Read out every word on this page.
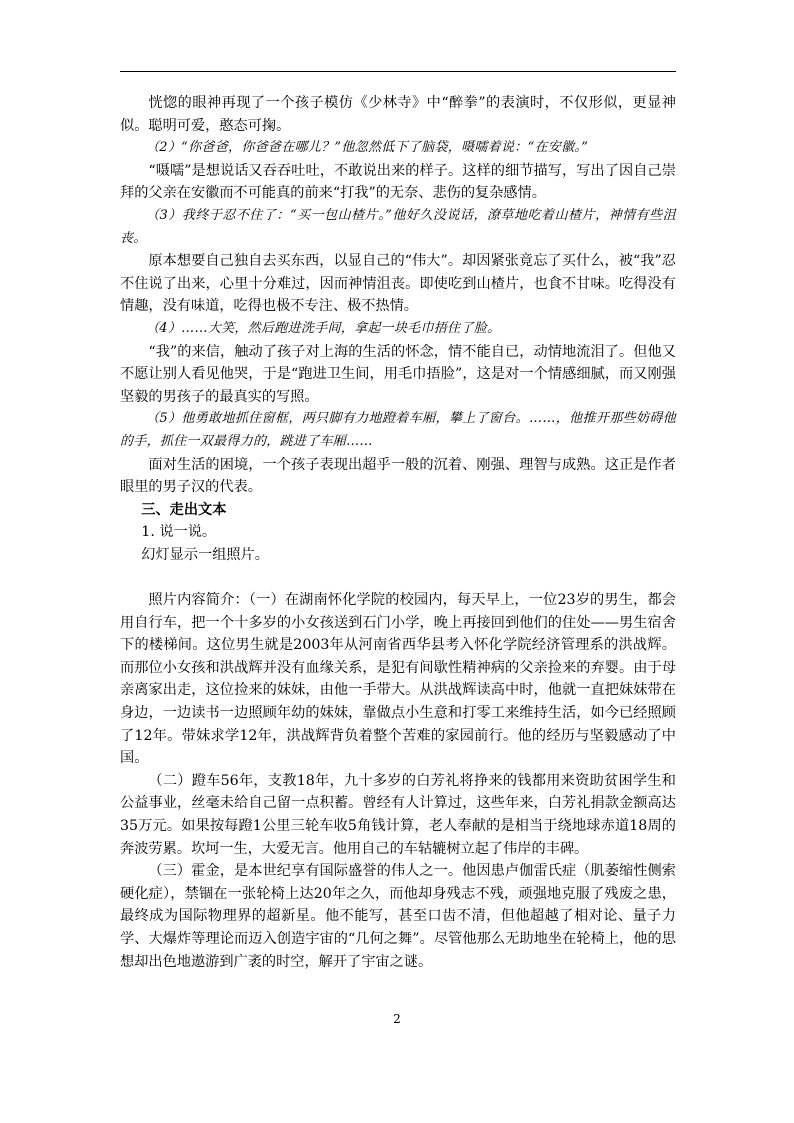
恍惚的眼神再现了一个孩子模仿《少林寺》中“醉拳”的表演时，不仅形似，更显神似。聪明可爱，憨态可掬。

（2）“你爸爸，你爸爸在哪儿？”他忽然低下了脑袋，嗫嚅着说：“在安徽。”

“嗫嚅”是想说话又吞吞吐吐，不敢说出来的样子。这样的细节描写，写出了因自己崇拜的父亲在安徽而不可能真的前来“打我”的无奈、悲伤的复杂感情。

（3）我终于忍不住了：“买一包山楂片。”他好久没说话，潦草地吃着山楂片，神情有些沮丧。

原本想要自己独自去买东西，以显自己的“伟大”。却因紧张竟忘了买什么，被“我”忍不住说了出来，心里十分难过，因而神情沮丧。即使吃到山楂片，也食不甘味。吃得没有情趣，没有味道，吃得也极不专注、极不热情。

（4）……大笑，然后跑进洗手间，拿起一块毛巾捂住了脸。

“我”的来信，触动了孩子对上海的生活的怀念，情不能自已，动情地流泪了。但他又不愿让别人看见他哭，于是“跑进卫生间，用毛巾捂脸”，这是对一个情感细腻，而又刚强坚毅的男孩子的最真实的写照。

（5）他勇敢地抓住窗框，两只脚有力地蹬着车厢，攀上了窗台。……，他推开那些妨碍他的手，抓住一双最得力的，跳进了车厢……

面对生活的困境，一个孩子表现出超乎一般的沉着、刚强、理智与成熟。这正是作者眼里的男子汉的代表。

三、走出文本

1. 说一说。

幻灯显示一组照片。

照片内容简介：（一）在湖南怀化学院的校园内，每天早上，一位23岁的男生，都会用自行车，把一个十多岁的小女孩送到石门小学，晚上再接回到他们的住处——男生宿舍下的楼梯间。这位男生就是2003年从河南省西华县考入怀化学院经济管理系的洪战辉。而那位小女孩和洪战辉并没有血缘关系，是犯有间歇性精神病的父亲捡来的弃婴。由于母亲离家出走，这位捡来的妹妹，由他一手带大。从洪战辉读高中时，他就一直把妹妹带在身边，一边读书一边照顾年幼的妹妹，靠做点小生意和打零工来维持生活，如今已经照顾了12年。带妹求学12年，洪战辉背负着整个苦难的家园前行。他的经历与坚毅感动了中国。

（二）蹬车56年，支教18年，九十多岁的白芳礼将挣来的钱都用来资助贫困学生和公益事业，丝毫未给自己留一点积蓄。曾经有人计算过，这些年来，白芳礼捐款金额高达35万元。如果按每蹬1公里三轮车收5角钱计算，老人奉献的是相当于绕地球赤道18周的奔波劳累。坎坷一生，大爱无言。他用自己的车轱辘树立起了伟岸的丰碑。

（三）霍金，是本世纪享有国际盛誉的伟人之一。他因患卢伽雷氏症（肌萎缩性侧索硬化症），禁锢在一张轮椅上达20年之久，而他却身残志不残，顽强地克服了残废之患，最终成为国际物理界的超新星。他不能写，甚至口齿不清，但他超越了相对论、量子力学、大爆炸等理论而迈入创造宇宙的“几何之舞”。尽管他那么无助地坐在轮椅上，他的思想却出色地遨游到广袤的时空，解开了宇宙之谜。

2
